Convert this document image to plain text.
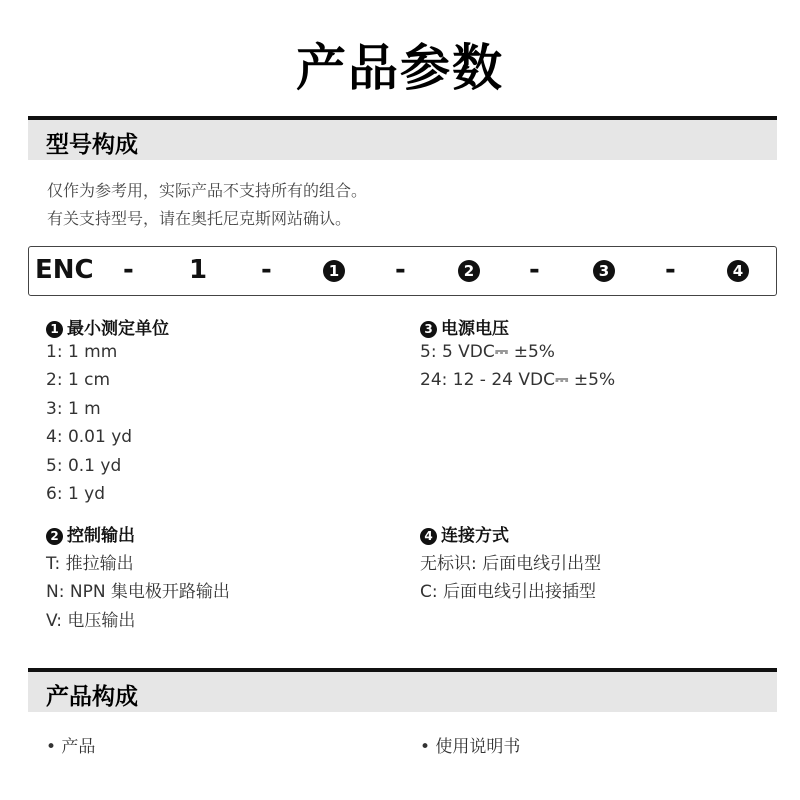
产品参数
型号构成
仅作为参考用，实际产品不支持所有的组合。
有关支持型号，请在奥托尼克斯网站确认。
ENC - 1 -	1 -	2 -	3 -	4
1 最小测定单位
1: 1 mm
2: 1 cm
3: 1 m
4: 0.01 yd
5: 0.1 yd
6: 1 yd
3 电源电压
5: 5 VDC⎓ ±5%
24: 12 - 24 VDC⎓ ±5%
2 控制输出
T: 推拉输出
N: NPN 集电极开路输出
V: 电压输出
4 连接方式
无标识: 后面电线引出型
C: 后面电线引出接插型
产品构成
• 产品	• 使用说明书
